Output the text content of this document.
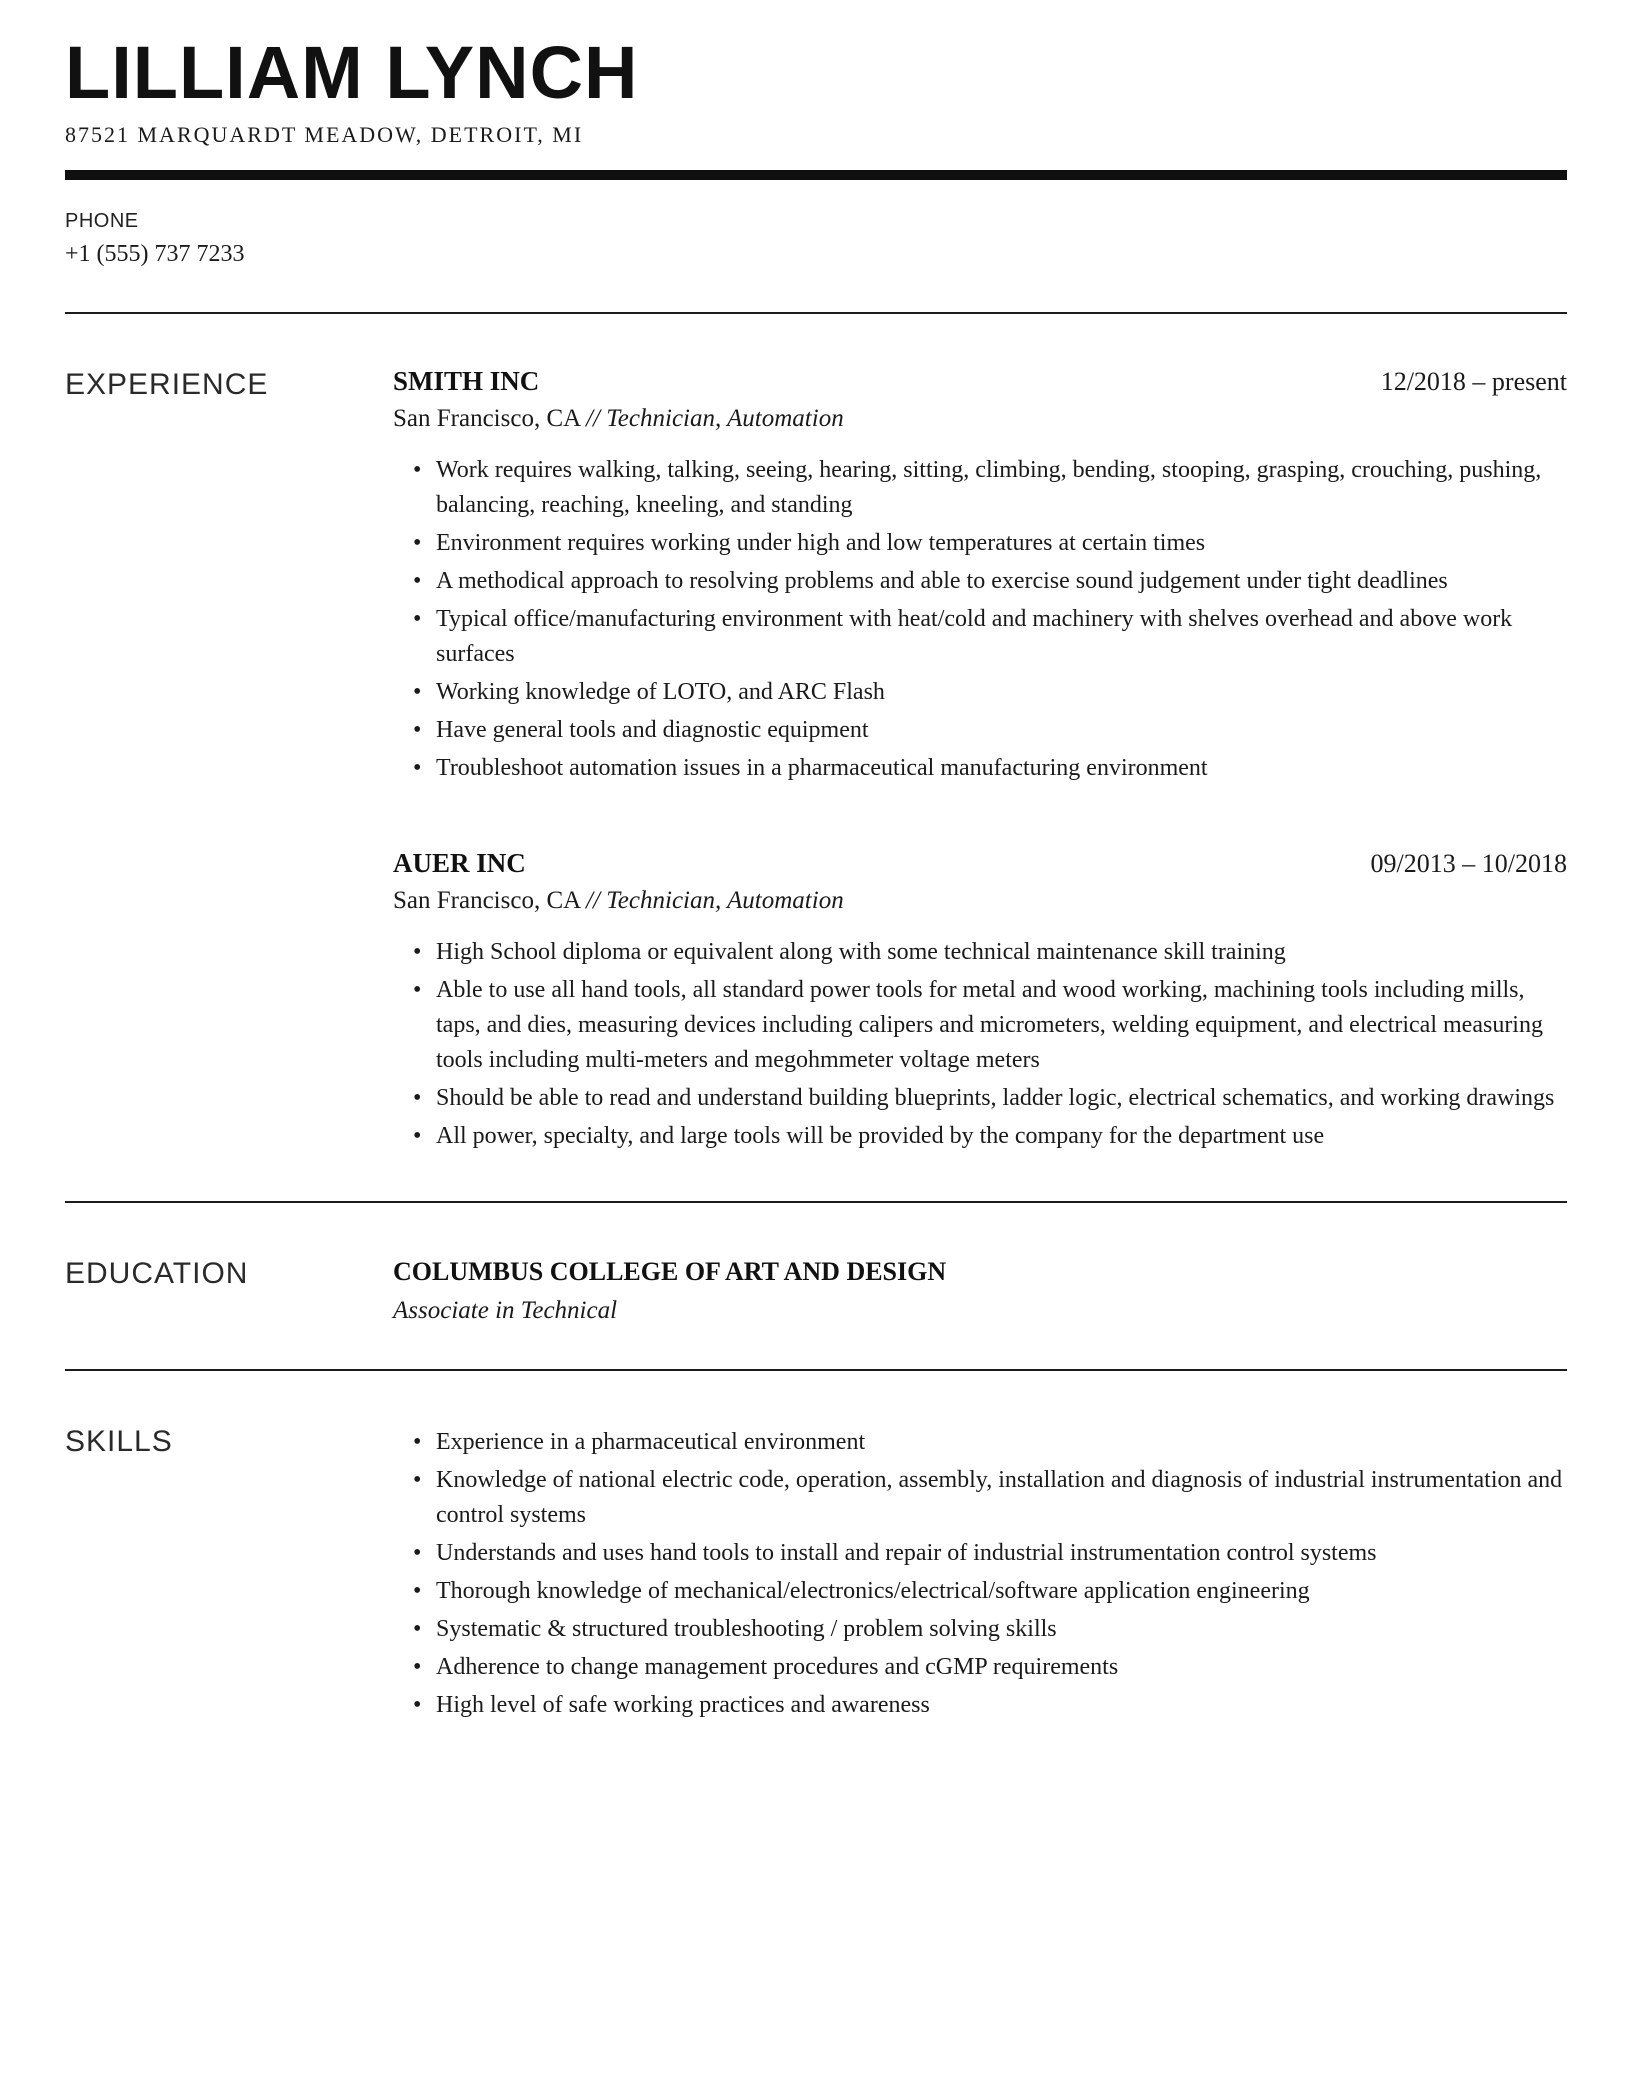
LILLIAM LYNCH
87521 MARQUARDT MEADOW, DETROIT, MI
PHONE
+1 (555) 737 7233
EXPERIENCE	SMITH INC	12/2018 – present
San Francisco, CA // Technician, Automation
• Work requires walking, talking, seeing, hearing, sitting, climbing, bending, stooping, grasping, crouching, pushing, balancing, reaching, kneeling, and standing
• Environment requires working under high and low temperatures at certain times
• A methodical approach to resolving problems and able to exercise sound judgement under tight deadlines
• Typical office/manufacturing environment with heat/cold and machinery with shelves overhead and above work surfaces
• Working knowledge of LOTO, and ARC Flash
• Have general tools and diagnostic equipment
• Troubleshoot automation issues in a pharmaceutical manufacturing environment
AUER INC	09/2013 – 10/2018
San Francisco, CA // Technician, Automation
• High School diploma or equivalent along with some technical maintenance skill training
• Able to use all hand tools, all standard power tools for metal and wood working, machining tools including mills, taps, and dies, measuring devices including calipers and micrometers, welding equipment, and electrical measuring tools including multi-meters and megohmmeter voltage meters
• Should be able to read and understand building blueprints, ladder logic, electrical schematics, and working drawings
• All power, specialty, and large tools will be provided by the company for the department use
EDUCATION	COLUMBUS COLLEGE OF ART AND DESIGN
Associate in Technical
SKILLS	• Experience in a pharmaceutical environment
• Knowledge of national electric code, operation, assembly, installation and diagnosis of industrial instrumentation and control systems
• Understands and uses hand tools to install and repair of industrial instrumentation control systems
• Thorough knowledge of mechanical/electronics/electrical/software application engineering
• Systematic & structured troubleshooting / problem solving skills
• Adherence to change management procedures and cGMP requirements
• High level of safe working practices and awareness
